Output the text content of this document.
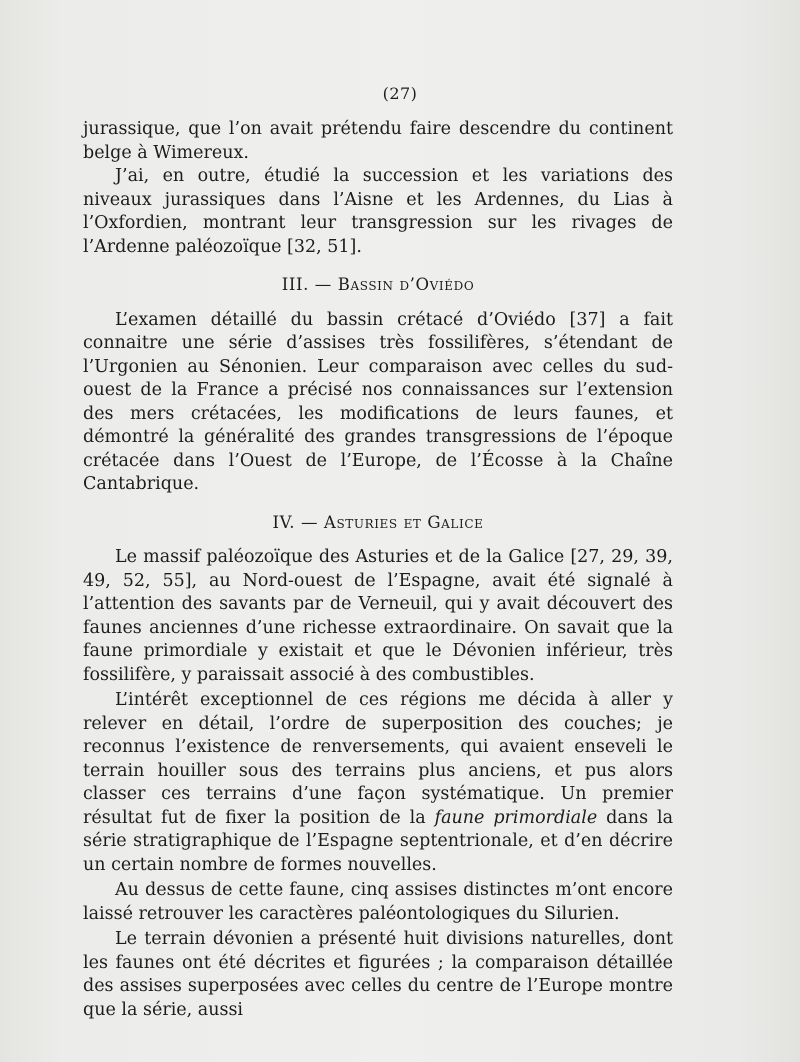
(27)

jurassique, que l’on avait prétendu faire descendre du continent belge à Wimereux.

J’ai, en outre, étudié la succession et les variations des niveaux jurassiques dans l’Aisne et les Ardennes, du Lias à l’Oxfordien, montrant leur transgression sur les rivages de l’Ardenne paléozoïque [32, 51].

III. — Bassin d’Oviédo

L’examen détaillé du bassin crétacé d’Oviédo [37] a fait connaitre une série d’assises très fossilifères, s’étendant de l’Urgonien au Sénonien. Leur comparaison avec celles du sud-ouest de la France a précisé nos connaissances sur l’extension des mers crétacées, les modifications de leurs faunes, et démontré la généralité des grandes transgressions de l’époque crétacée dans l’Ouest de l’Europe, de l’Écosse à la Chaîne Cantabrique.

IV. — Asturies et Galice

Le massif paléozoïque des Asturies et de la Galice [27, 29, 39, 49, 52, 55], au Nord-ouest de l’Espagne, avait été signalé à l’attention des savants par de Verneuil, qui y avait découvert des faunes anciennes d’une richesse extraordinaire. On savait que la faune primordiale y existait et que le Dévonien inférieur, très fossilifère, y paraissait associé à des combustibles.

L’intérêt exceptionnel de ces régions me décida à aller y relever en détail, l’ordre de superposition des couches; je reconnus l’existence de renversements, qui avaient enseveli le terrain houiller sous des terrains plus anciens, et pus alors classer ces terrains d’une façon systématique. Un premier résultat fut de fixer la position de la faune primordiale dans la série stratigraphique de l’Espagne septentrionale, et d’en décrire un certain nombre de formes nouvelles.

Au dessus de cette faune, cinq assises distinctes m’ont encore laissé retrouver les caractères paléontologiques du Silurien.

Le terrain dévonien a présenté huit divisions naturelles, dont les faunes ont été décrites et figurées ; la comparaison détaillée des assises superposées avec celles du centre de l’Europe montre que la série, aussi
